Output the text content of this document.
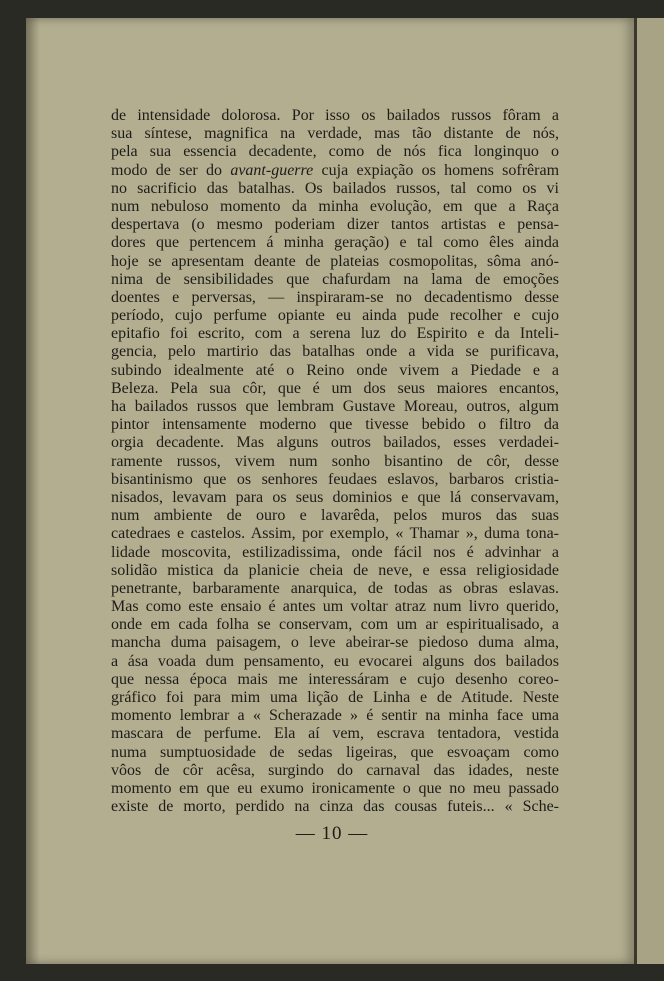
de intensidade dolorosa. Por isso os bailados russos fôram a
sua síntese, magnifica na verdade, mas tão distante de nós,
pela sua essencia decadente, como de nós fica longinquo o
modo de ser do avant-guerre cuja expiação os homens sofrêram
no sacrificio das batalhas. Os bailados russos, tal como os vi
num nebuloso momento da minha evolução, em que a Raça
despertava (o mesmo poderiam dizer tantos artistas e pensa-
dores que pertencem á minha geração) e tal como êles ainda
hoje se apresentam deante de plateias cosmopolitas, sôma anó-
nima de sensibilidades que chafurdam na lama de emoções
doentes e perversas, — inspiraram-se no decadentismo desse
período, cujo perfume opiante eu ainda pude recolher e cujo
epitafio foi escrito, com a serena luz do Espirito e da Inteli-
gencia, pelo martirio das batalhas onde a vida se purificava,
subindo idealmente até o Reino onde vivem a Piedade e a
Beleza. Pela sua côr, que é um dos seus maiores encantos,
ha bailados russos que lembram Gustave Moreau, outros, algum
pintor intensamente moderno que tivesse bebido o filtro da
orgia decadente. Mas alguns outros bailados, esses verdadei-
ramente russos, vivem num sonho bisantino de côr, desse
bisantinismo que os senhores feudaes eslavos, barbaros cristia-
nisados, levavam para os seus dominios e que lá conservavam,
num ambiente de ouro e lavarêda, pelos muros das suas
catedraes e castelos. Assim, por exemplo, « Thamar », duma tona-
lidade moscovita, estilizadissima, onde fácil nos é advinhar a
solidão mistica da planicie cheia de neve, e essa religiosidade
penetrante, barbaramente anarquica, de todas as obras eslavas.
Mas como este ensaio é antes um voltar atraz num livro querido,
onde em cada folha se conservam, com um ar espiritualisado, a
mancha duma paisagem, o leve abeirar-se piedoso duma alma,
a ása voada dum pensamento, eu evocarei alguns dos bailados
que nessa época mais me interessáram e cujo desenho coreo-
gráfico foi para mim uma lição de Linha e de Atitude. Neste
momento lembrar a « Scherazade » é sentir na minha face uma
mascara de perfume. Ela aí vem, escrava tentadora, vestida
numa sumptuosidade de sedas ligeiras, que esvoaçam como
vôos de côr acêsa, surgindo do carnaval das idades, neste
momento em que eu exumo ironicamente o que no meu passado
existe de morto, perdido na cinza das cousas futeis... « Sche-
— 10 —
